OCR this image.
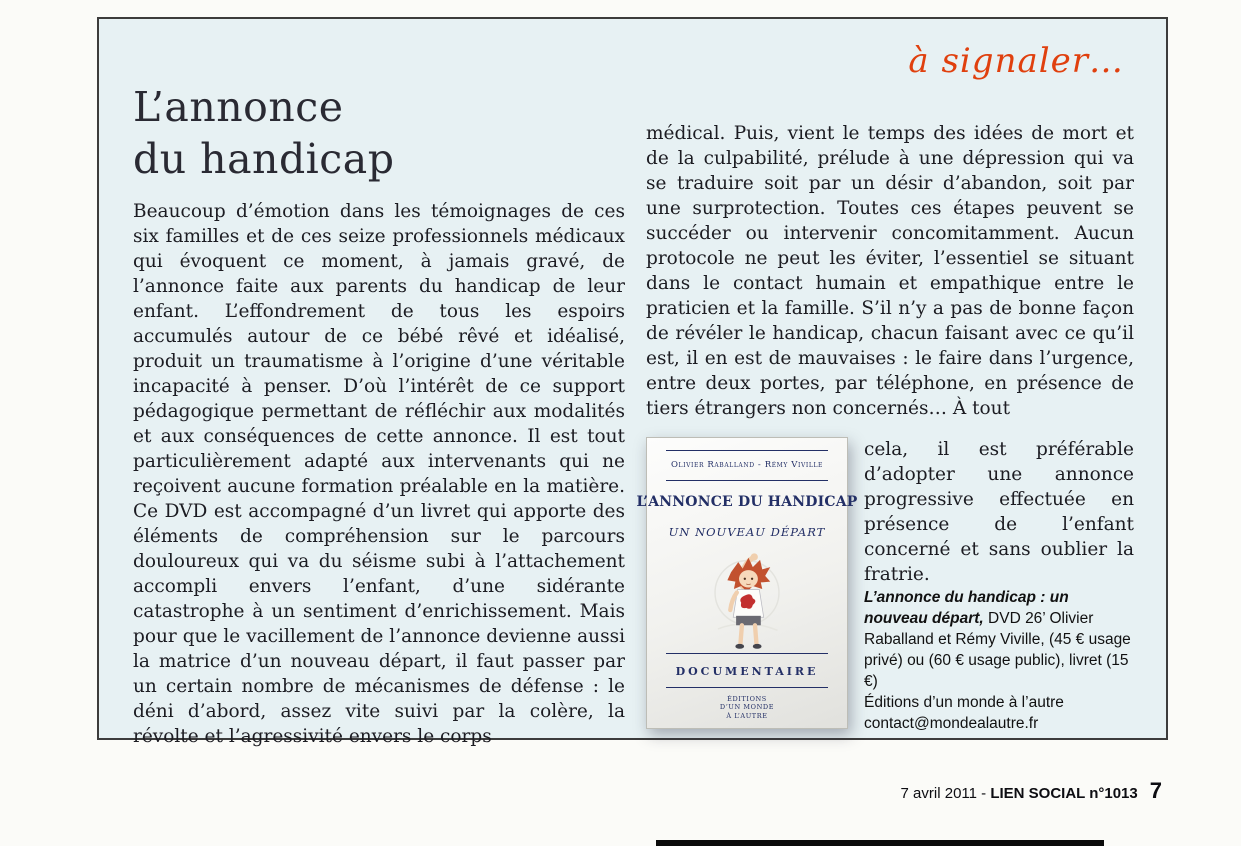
à signaler…
L’annonce
du handicap

Beaucoup d’émotion dans les témoignages de ces six familles et de ces seize professionnels médicaux qui évoquent ce moment, à jamais gravé, de l’annonce faite aux parents du handicap de leur enfant. L’effondrement de tous les espoirs accumulés autour de ce bébé rêvé et idéalisé, produit un traumatisme à l’origine d’une véritable incapacité à penser. D’où l’intérêt de ce support pédagogique permettant de réfléchir aux modalités et aux conséquences de cette annonce. Il est tout particulièrement adapté aux intervenants qui ne reçoivent aucune formation préalable en la matière. Ce DVD est accompagné d’un livret qui apporte des éléments de compréhension sur le parcours douloureux qui va du séisme subi à l’attachement accompli envers l’enfant, d’une sidérante catastrophe à un sentiment d’enrichissement. Mais pour que le vacillement de l’annonce devienne aussi la matrice d’un nouveau départ, il faut passer par un certain nombre de mécanismes de défense : le déni d’abord, assez vite suivi par la colère, la révolte et l’agressivité envers le corps

médical. Puis, vient le temps des idées de mort et de la culpabilité, prélude à une dépression qui va se traduire soit par un désir d’abandon, soit par une surprotection. Toutes ces étapes peuvent se succéder ou intervenir concomitamment. Aucun protocole ne peut les éviter, l’essentiel se situant dans le contact humain et empathique entre le praticien et la famille. S’il n’y a pas de bonne façon de révéler le handicap, chacun faisant avec ce qu’il est, il en est de mauvaises : le faire dans l’urgence, entre deux portes, par téléphone, en présence de tiers étrangers non concernés… À tout

Olivier Raballand - Rémy Viville
L’ANNONCE DU HANDICAP
UN NOUVEAU DÉPART
DOCUMENTAIRE
ÉDITIONS
D’UN MONDE
À L’AUTRE

cela, il est préférable d’adopter une annonce progressive effectuée en présence de l’enfant concerné et sans oublier la fratrie.

L’annonce du handicap : un nouveau départ, DVD 26’ Olivier Raballand et Rémy Viville, (45 € usage privé) ou (60 € usage public), livret (15 €)
Éditions d’un monde à l’autre
contact@mondealautre.fr

7 avril 2011 - LIEN SOCIAL n°1013 7
